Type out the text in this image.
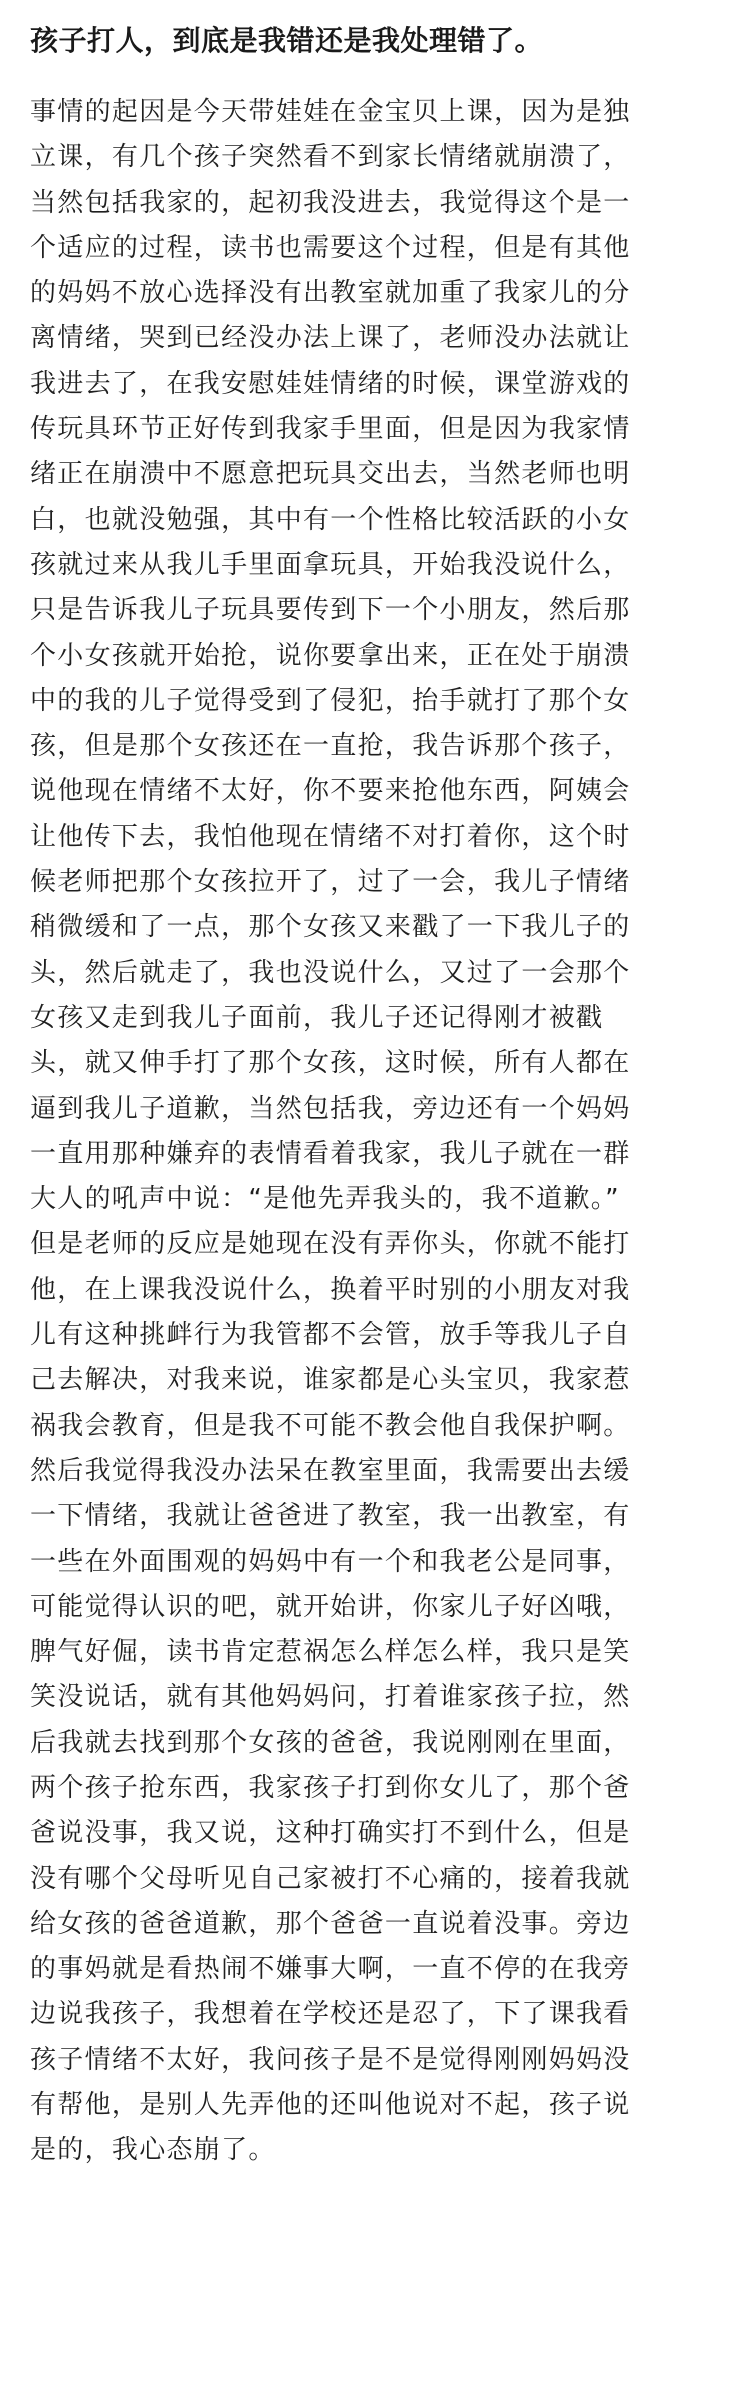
孩子打人，到底是我错还是我处理错了。
事情的起因是今天带娃娃在金宝贝上课，因为是独
立课，有几个孩子突然看不到家长情绪就崩溃了，
当然包括我家的，起初我没进去，我觉得这个是一
个适应的过程，读书也需要这个过程，但是有其他
的妈妈不放心选择没有出教室就加重了我家儿的分
离情绪，哭到已经没办法上课了，老师没办法就让
我进去了，在我安慰娃娃情绪的时候，课堂游戏的
传玩具环节正好传到我家手里面，但是因为我家情
绪正在崩溃中不愿意把玩具交出去，当然老师也明
白，也就没勉强，其中有一个性格比较活跃的小女
孩就过来从我儿手里面拿玩具，开始我没说什么，
只是告诉我儿子玩具要传到下一个小朋友，然后那
个小女孩就开始抢，说你要拿出来，正在处于崩溃
中的我的儿子觉得受到了侵犯，抬手就打了那个女
孩，但是那个女孩还在一直抢，我告诉那个孩子，
说他现在情绪不太好，你不要来抢他东西，阿姨会
让他传下去，我怕他现在情绪不对打着你，这个时
候老师把那个女孩拉开了，过了一会，我儿子情绪
稍微缓和了一点，那个女孩又来戳了一下我儿子的
头，然后就走了，我也没说什么，又过了一会那个
女孩又走到我儿子面前，我儿子还记得刚才被戳
头，就又伸手打了那个女孩，这时候，所有人都在
逼到我儿子道歉，当然包括我，旁边还有一个妈妈
一直用那种嫌弃的表情看着我家，我儿子就在一群
大人的吼声中说：“是他先弄我头的，我不道歉。”
但是老师的反应是她现在没有弄你头，你就不能打
他，在上课我没说什么，换着平时别的小朋友对我
儿有这种挑衅行为我管都不会管，放手等我儿子自
己去解决，对我来说，谁家都是心头宝贝，我家惹
祸我会教育，但是我不可能不教会他自我保护啊。
然后我觉得我没办法呆在教室里面，我需要出去缓
一下情绪，我就让爸爸进了教室，我一出教室，有
一些在外面围观的妈妈中有一个和我老公是同事，
可能觉得认识的吧，就开始讲，你家儿子好凶哦，
脾气好倔，读书肯定惹祸怎么样怎么样，我只是笑
笑没说话，就有其他妈妈问，打着谁家孩子拉，然
后我就去找到那个女孩的爸爸，我说刚刚在里面，
两个孩子抢东西，我家孩子打到你女儿了，那个爸
爸说没事，我又说，这种打确实打不到什么，但是
没有哪个父母听见自己家被打不心痛的，接着我就
给女孩的爸爸道歉，那个爸爸一直说着没事。旁边
的事妈就是看热闹不嫌事大啊，一直不停的在我旁
边说我孩子，我想着在学校还是忍了，下了课我看
孩子情绪不太好，我问孩子是不是觉得刚刚妈妈没
有帮他，是别人先弄他的还叫他说对不起，孩子说
是的，我心态崩了。
